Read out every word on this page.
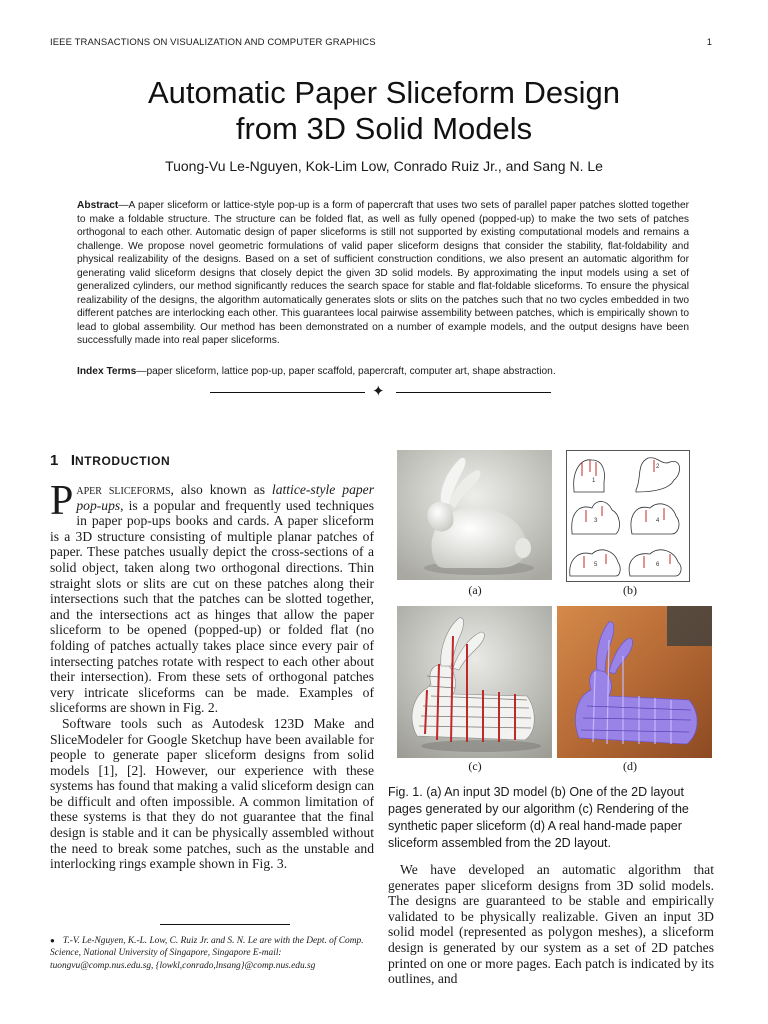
IEEE TRANSACTIONS ON VISUALIZATION AND COMPUTER GRAPHICS	1
Automatic Paper Sliceform Design
from 3D Solid Models
Tuong-Vu Le-Nguyen, Kok-Lim Low, Conrado Ruiz Jr., and Sang N. Le
Abstract—A paper sliceform or lattice-style pop-up is a form of papercraft that uses two sets of parallel paper patches slotted together to make a foldable structure. The structure can be folded flat, as well as fully opened (popped-up) to make the two sets of patches orthogonal to each other. Automatic design of paper sliceforms is still not supported by existing computational models and remains a challenge. We propose novel geometric formulations of valid paper sliceform designs that consider the stability, flat-foldability and physical realizability of the designs. Based on a set of sufficient construction conditions, we also present an automatic algorithm for generating valid sliceform designs that closely depict the given 3D solid models. By approximating the input models using a set of generalized cylinders, our method significantly reduces the search space for stable and flat-foldable sliceforms. To ensure the physical realizability of the designs, the algorithm automatically generates slots or slits on the patches such that no two cycles embedded in two different patches are interlocking each other. This guarantees local pairwise assembility between patches, which is empirically shown to lead to global assembility. Our method has been demonstrated on a number of example models, and the output designs have been successfully made into real paper sliceforms.
Index Terms—paper sliceform, lattice pop-up, paper scaffold, papercraft, computer art, shape abstraction.
✦
1 INTRODUCTION

Paper sliceforms, also known as lattice-style paper pop-ups, is a popular and frequently used techniques in paper pop-ups books and cards. A paper sliceform is a 3D structure consisting of multiple planar patches of paper. These patches usually depict the cross-sections of a solid object, taken along two orthogonal directions. Thin straight slots or slits are cut on these patches along their intersections such that the patches can be slotted together, and the intersections act as hinges that allow the paper sliceform to be opened (popped-up) or folded flat (no folding of patches actually takes place since every pair of intersecting patches rotate with respect to each other about their intersection). From these sets of orthogonal patches very intricate sliceforms can be made. Examples of sliceforms are shown in Fig. 2.

Software tools such as Autodesk 123D Make and SliceModeler for Google Sketchup have been available for people to generate paper sliceform designs from solid models [1], [2]. However, our experience with these systems has found that making a valid sliceform design can be difficult and often impossible. A common limitation of these systems is that they do not guarantee that the final design is stable and it can be physically assembled without the need to break some patches, such as the unstable and interlocking rings example shown in Fig. 3.

● T.-V. Le-Nguyen, K.-L. Low, C. Ruiz Jr. and S. N. Le are with the Dept. of Comp. Science, National University of Singapore, Singapore E-mail: tuongvu@comp.nus.edu.sg, {lowkl,conrado,lnsang}@comp.nus.edu.sg
(a)
1
2
3	4
5	6
(b)
(c)	(d)
Fig. 1. (a) An input 3D model (b) One of the 2D layout pages generated by our algorithm (c) Rendering of the synthetic paper sliceform (d) A real hand-made paper sliceform assembled from the 2D layout.

We have developed an automatic algorithm that generates paper sliceform designs from 3D solid models. The designs are guaranteed to be stable and empirically validated to be physically realizable. Given an input 3D solid model (represented as polygon meshes), a sliceform design is generated by our system as a set of 2D patches printed on one or more pages. Each patch is indicated by its outlines, and
